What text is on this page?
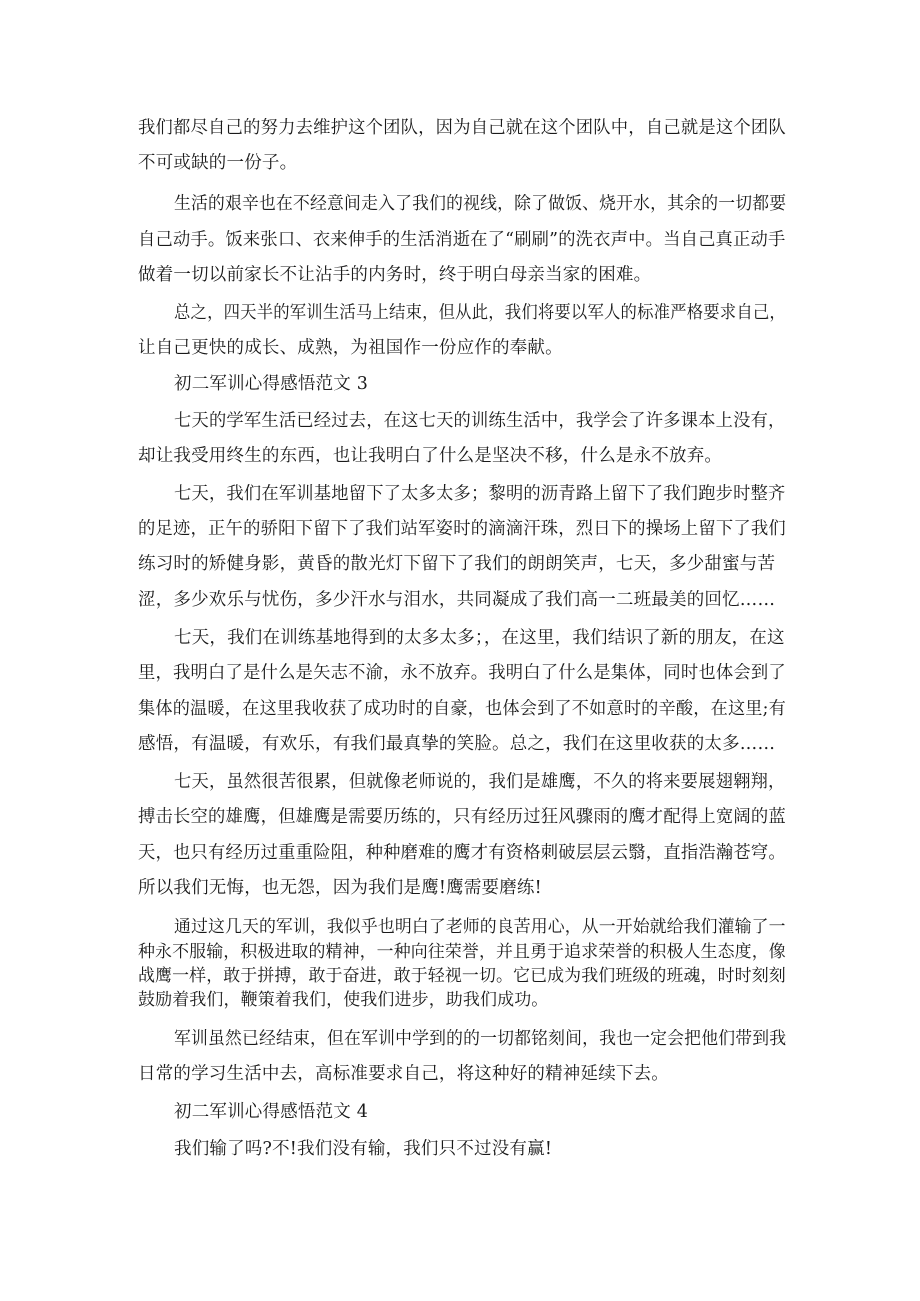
我们都尽自己的努力去维护这个团队，因为自己就在这个团队中，自己就是这个团队

不可或缺的一份子。

生活的艰辛也在不经意间走入了我们的视线，除了做饭、烧开水，其余的一切都要

自己动手。饭来张口、衣来伸手的生活消逝在了“刷刷”的洗衣声中。当自己真正动手

做着一切以前家长不让沾手的内务时，终于明白母亲当家的困难。

总之，四天半的军训生活马上结束，但从此，我们将要以军人的标准严格要求自己，

让自己更快的成长、成熟，为祖国作一份应作的奉献。

初二军训心得感悟范文 3

七天的学军生活已经过去，在这七天的训练生活中，我学会了许多课本上没有，

却让我受用终生的东西，也让我明白了什么是坚决不移，什么是永不放弃。

七天，我们在军训基地留下了太多太多；黎明的沥青路上留下了我们跑步时整齐

的足迹，正午的骄阳下留下了我们站军姿时的滴滴汗珠，烈日下的操场上留下了我们

练习时的矫健身影，黄昏的散光灯下留下了我们的朗朗笑声，七天，多少甜蜜与苦

涩，多少欢乐与忧伤，多少汗水与泪水，共同凝成了我们高一二班最美的回忆……

七天，我们在训练基地得到的太多太多；，在这里，我们结识了新的朋友，在这

里，我明白了是什么是矢志不渝，永不放弃。我明白了什么是集体，同时也体会到了

集体的温暖，在这里我收获了成功时的自豪，也体会到了不如意时的辛酸，在这里;有

感悟，有温暖，有欢乐，有我们最真挚的笑脸。总之，我们在这里收获的太多……

七天，虽然很苦很累，但就像老师说的，我们是雄鹰，不久的将来要展翅翱翔，

搏击长空的雄鹰，但雄鹰是需要历练的，只有经历过狂风骤雨的鹰才配得上宽阔的蓝

天，也只有经历过重重险阻，种种磨难的鹰才有资格刺破层层云翳，直指浩瀚苍穹。

所以我们无悔，也无怨，因为我们是鹰!鹰需要磨练!

通过这几天的军训，我似乎也明白了老师的良苦用心，从一开始就给我们灌输了一

种永不服输，积极进取的精神，一种向往荣誉，并且勇于追求荣誉的积极人生态度，像

战鹰一样，敢于拼搏，敢于奋进，敢于轻视一切。它已成为我们班级的班魂，时时刻刻

鼓励着我们，鞭策着我们，使我们进步，助我们成功。

军训虽然已经结束，但在军训中学到的的一切都铭刻间，我也一定会把他们带到我

日常的学习生活中去，高标准要求自己，将这种好的精神延续下去。

初二军训心得感悟范文 4

我们输了吗?不!我们没有输，我们只不过没有赢!
